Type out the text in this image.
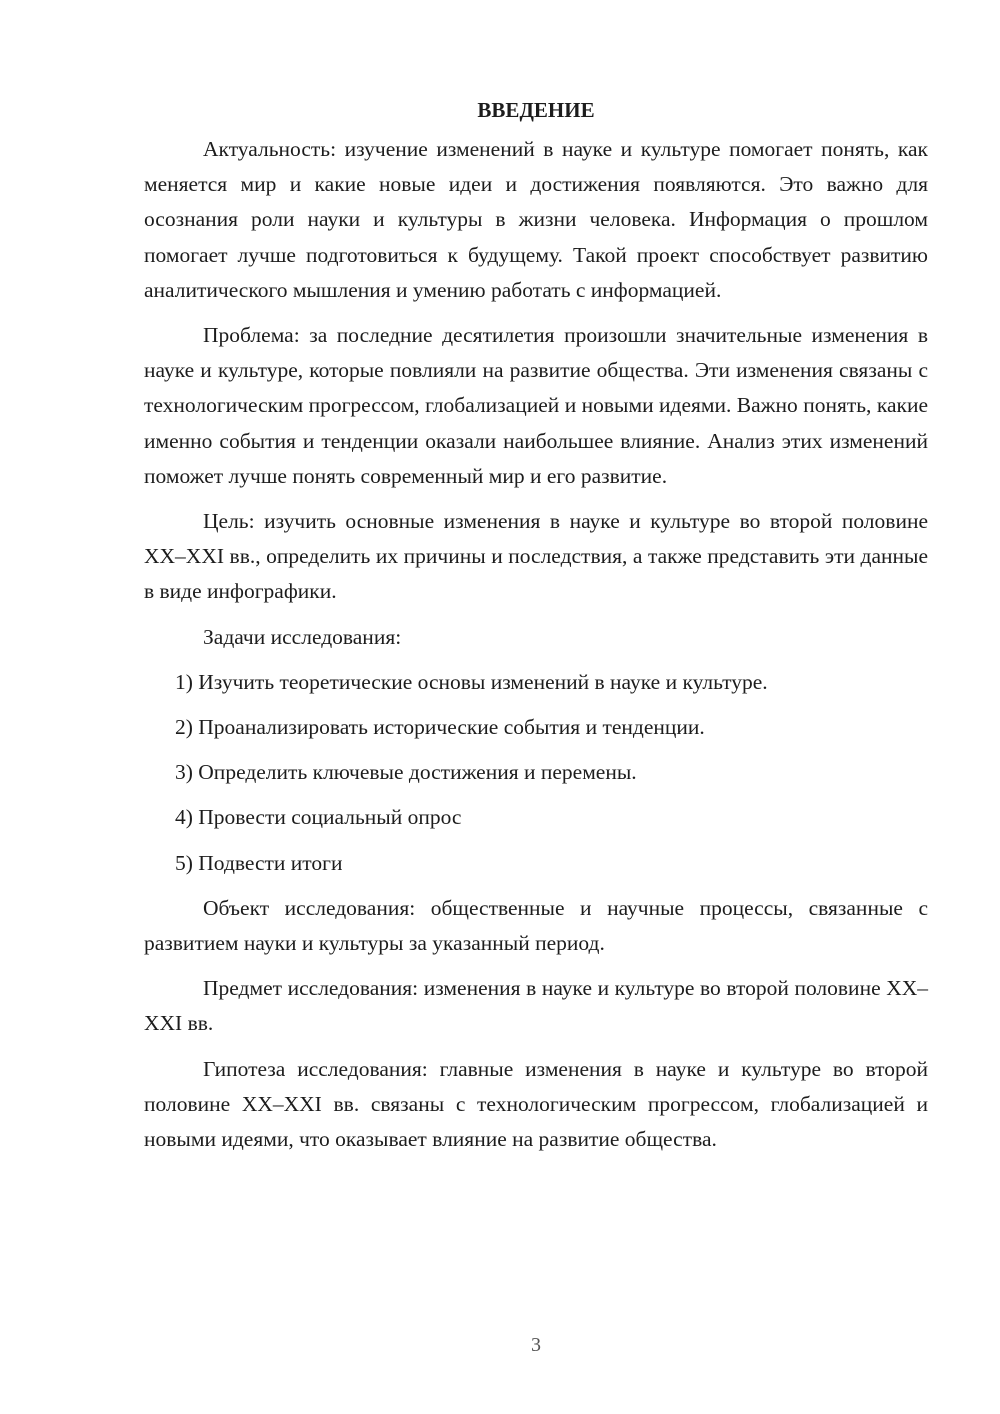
ВВЕДЕНИЕ

Актуальность: изучение изменений в науке и культуре помогает понять, как меняется мир и какие новые идеи и достижения появляются. Это важно для осознания роли науки и культуры в жизни человека. Информация о прошлом помогает лучше подготовиться к будущему. Такой проект способствует развитию аналитического мышления и умению работать с информацией.

Проблема: за последние десятилетия произошли значительные изменения в науке и культуре, которые повлияли на развитие общества. Эти изменения связаны с технологическим прогрессом, глобализацией и новыми идеями. Важно понять, какие именно события и тенденции оказали наибольшее влияние. Анализ этих изменений поможет лучше понять современный мир и его развитие.

Цель: изучить основные изменения в науке и культуре во второй половине XX–XXI вв., определить их причины и последствия, а также представить эти данные в виде инфографики.

Задачи исследования:

1) Изучить теоретические основы изменений в науке и культуре.
2) Проанализировать исторические события и тенденции.
3) Определить ключевые достижения и перемены.
4) Провести социальный опрос
5) Подвести итоги

Объект исследования: общественные и научные процессы, связанные с развитием науки и культуры за указанный период.

Предмет исследования: изменения в науке и культуре во второй половине XX–XXI вв.

Гипотеза исследования: главные изменения в науке и культуре во второй половине XX–XXI вв. связаны с технологическим прогрессом, глобализацией и новыми идеями, что оказывает влияние на развитие общества.

3
